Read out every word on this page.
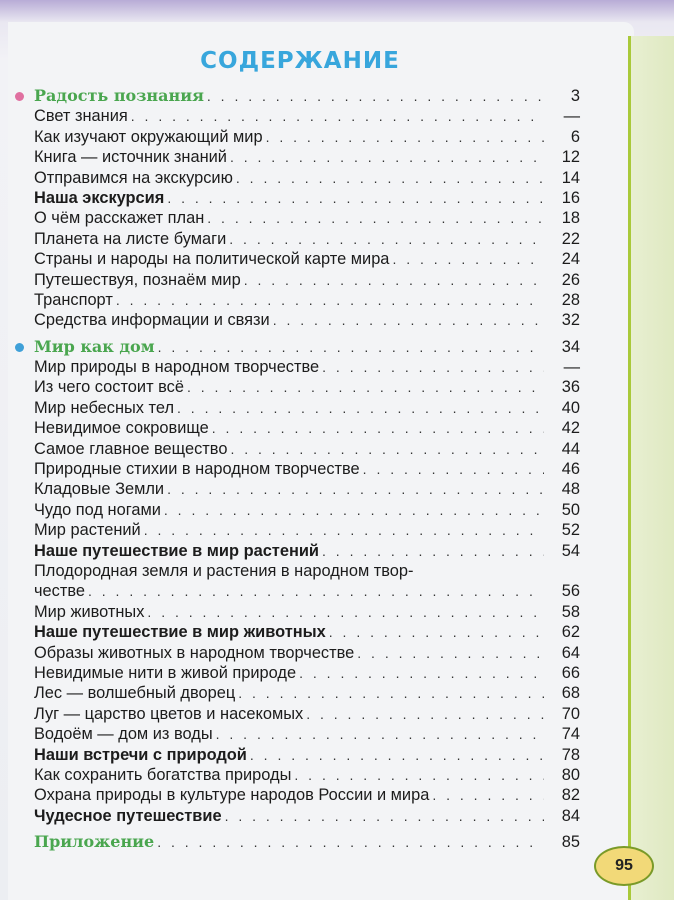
СОДЕРЖАНИЕ
Радость познания . . .	3
Свет знания . . .	—
Как изучают окружающий мир . . .	6
Книга — источник знаний . . .	12
Отправимся на экскурсию . . .	14
Наша экскурсия . . .	16
О чём расскажет план . . .	18
Планета на листе бумаги . . .	22
Страны и народы на политической карте мира . . .	24
Путешествуя, познаём мир . . .	26
Транспорт . . .	28
Средства информации и связи . . .	32
Мир как дом . . .	34
Мир природы в народном творчестве . . .	—
Из чего состоит всё . . .	36
Мир небесных тел . . .	40
Невидимое сокровище . . .	42
Самое главное вещество . . .	44
Природные стихии в народном творчестве . . .	46
Кладовые Земли . . .	48
Чудо под ногами . . .	50
Мир растений . . .	52
Наше путешествие в мир растений . . .	54
Плодородная земля и растения в народном твор-
честве . . .	56
Мир животных . . .	58
Наше путешествие в мир животных . . .	62
Образы животных в народном творчестве . . .	64
Невидимые нити в живой природе . . .	66
Лес — волшебный дворец . . .	68
Луг — царство цветов и насекомых . . .	70
Водоём — дом из воды . . .	74
Наши встречи с природой . . .	78
Как сохранить богатства природы . . .	80
Охрана природы в культуре народов России и мира . . .	82
Чудесное путешествие . . .	84
Приложение . . .	85
95
